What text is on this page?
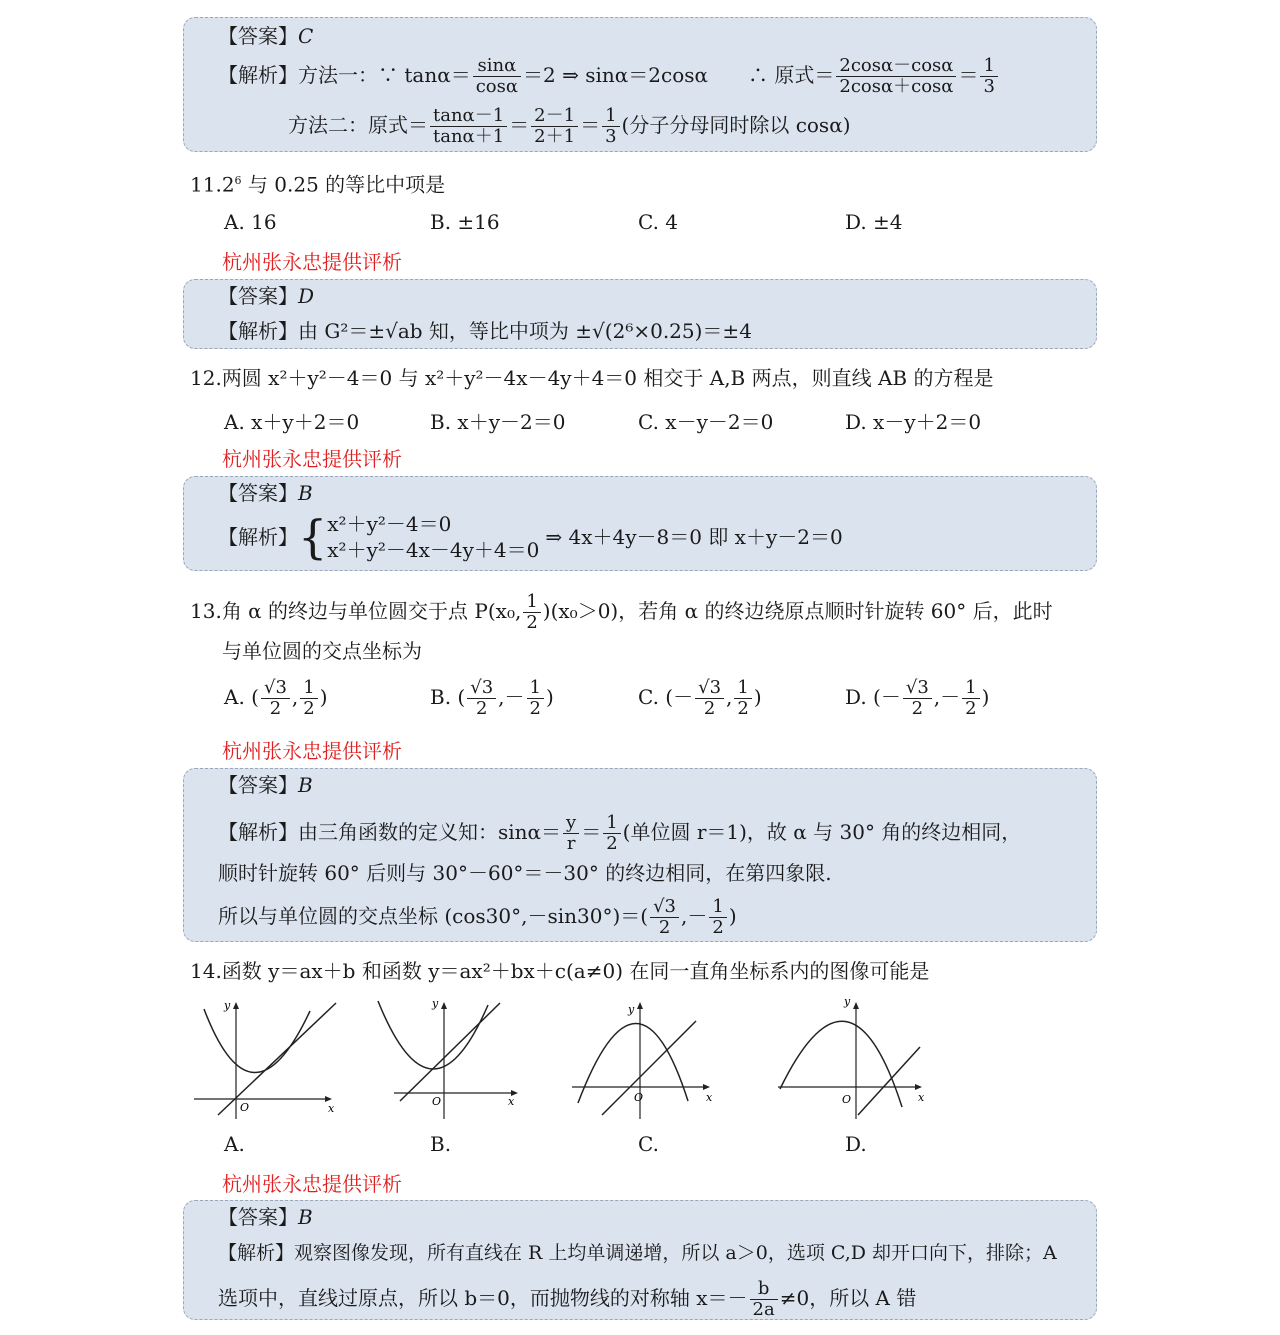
【答案】C
【解析】方法一：∵ $\tan\alpha= \frac{\sin\alpha}{\cos\alpha} =2$ ⇒ sinα＝2cosα　　∴ 原式＝ $\frac{2\cos\alpha-\cos\alpha}{2\cos\alpha+\cos\alpha} = \frac{1}{3}$
方法二：原式＝ $\frac{\tan\alpha-1}{\tan\alpha+1} = \frac{2-1}{2+1} = \frac{1}{3}$ (分子分母同时除以 cosα)
11.2$^6$ 与 0.25 的等比中项是
A. 16	B. ±16	C. 4	D. ±4
杭州张永忠提供评析
【答案】D
【解析】由 G²＝±√ab 知，等比中项为 ±√(2⁶×0.25)＝±4
12.两圆 x²＋y²－4＝0 与 x²＋y²－4x－4y＋4＝0 相交于 A,B 两点，则直线 AB 的方程是
A. x＋y＋2＝0	B. x＋y－2＝0	C. x－y－2＝0	D. x－y＋2＝0
杭州张永忠提供评析
【答案】B
【解析】{ x²＋y²－4＝0
x²＋y²－4x－4y＋4＝0
⇒ 4x＋4y－8＝0 即 x＋y－2＝0
13.角 α 的终边与单位圆交于点 P(x₀, $\frac{1}{2} )(x_0>0)$，若角 α 的终边绕原点顺时针旋转 60° 后，此时
与单位圆的交点坐标为
A. ( $\frac{√3}{2}$ , $\frac{1}{2}$ )	B. ( $\frac{√3}{2}$ ,－ $\frac{1}{2}$ )	C. (－ $\frac{√3}{2}$ , $\frac{1}{2}$ )	D. (－ $\frac{√3}{2}$ ,－ $\frac{1}{2}$ )
杭州张永忠提供评析
【答案】B
【解析】由三角函数的定义知：$\sin\alpha= \frac{y}{r} = \frac{1}{2}$ (单位圆 r＝1)，故 α 与 30° 角的终边相同，
顺时针旋转 60° 后则与 30°－60°＝－30° 的终边相同，在第四象限.
所以与单位圆的交点坐标 $(\cos 30^\circ,-\sin 30^\circ)=( \frac{√3}{2}$ ,－ $\frac{1}{2}$ )
14.函数 y＝ax＋b 和函数 y＝ax²＋bx＋c(a≠0) 在同一直角坐标系内的图像可能是
x
y
O
A.
x
y
O
B.
x
y
O
C.
x
y
O
D.
杭州张永忠提供评析
【答案】B
【解析】观察图像发现，所有直线在 R 上均单调递增，所以 a＞0，选项 C,D 却开口向下，排除；A
选项中，直线过原点，所以 b＝0，而抛物线的对称轴 $x=- \frac{b}{2a} \ne 0$，所以 A 错
